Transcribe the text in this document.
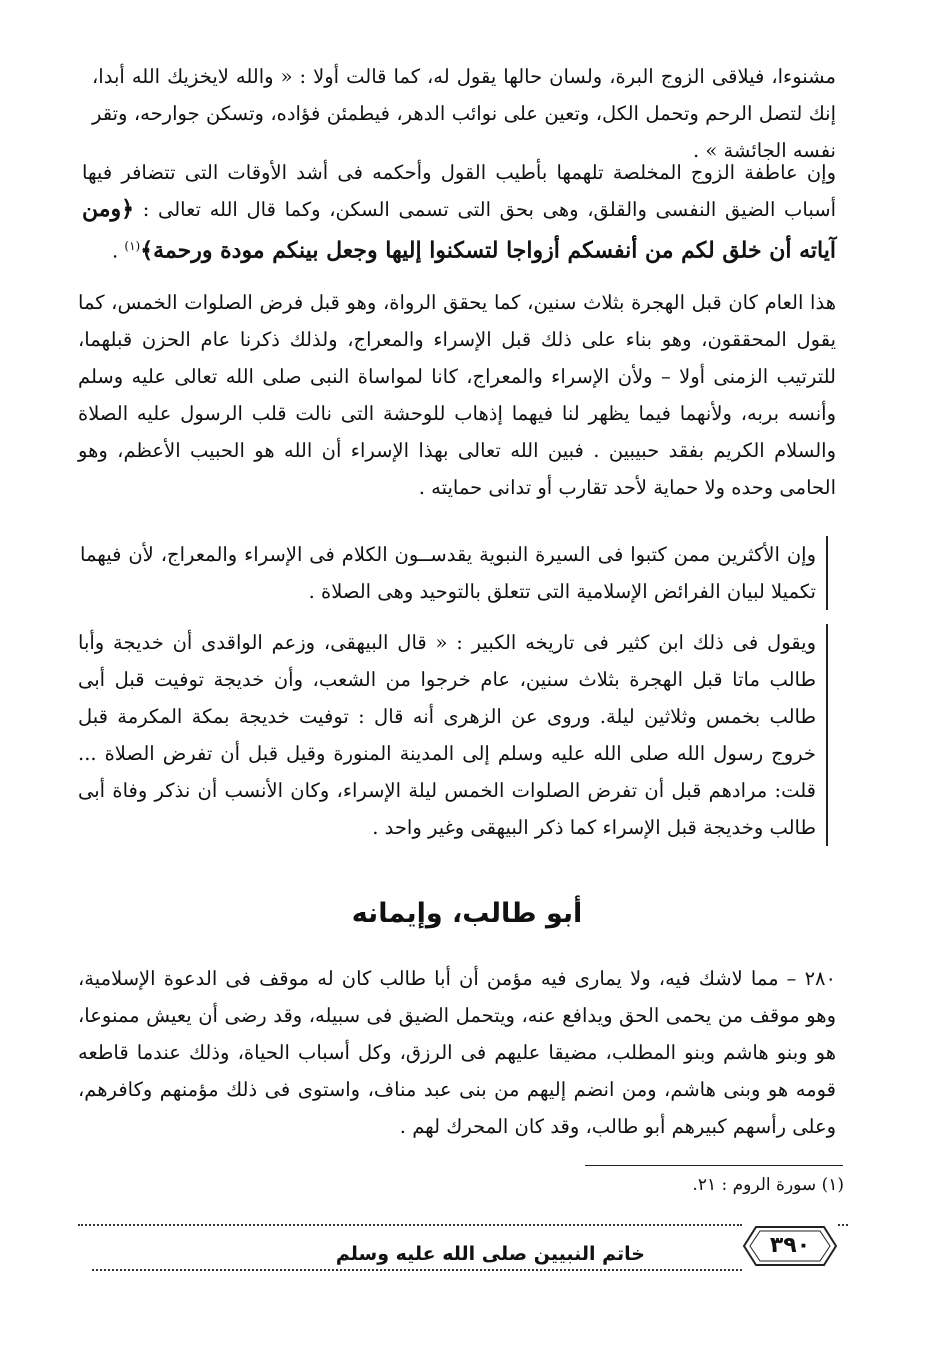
مشنوءا، فيلاقى الزوج البرة، ولسان حالها يقول له، كما قالت أولا : « والله لايخزيك الله أبدا، إنك لتصل الرحم وتحمل الكل، وتعين على نوائب الدهر، فيطمئن فؤاده، وتسكن جوارحه، وتقر نفسه الجائشة » .

وإن عاطفة الزوج المخلصة تلهمها بأطيب القول وأحكمه فى أشد الأوقات التى تتضافر فيها أسباب الضيق النفسى والقلق، وهى بحق التى تسمى السكن، وكما قال الله تعالى : ﴿ومن آياته أن خلق لكم من أنفسكم أزواجا لتسكنوا إليها وجعل بينكم مودة ورحمة﴾$^{(١)}$ .

هذا العام كان قبل الهجرة بثلاث سنين، كما يحقق الرواة، وهو قبل فرض الصلوات الخمس، كما يقول المحققون، وهو بناء على ذلك قبل الإسراء والمعراج، ولذلك ذكرنا عام الحزن قبلهما، للترتيب الزمنى أولا – ولأن الإسراء والمعراج، كانا لمواساة النبى صلى الله تعالى عليه وسلم وأنسه بربه، ولأنهما فيما يظهر لنا فيهما إذهاب للوحشة التى نالت قلب الرسول عليه الصلاة والسلام الكريم بفقد حبيبين . فبين الله تعالى بهذا الإسراء أن الله هو الحبيب الأعظم، وهو الحامى وحده ولا حماية لأحد تقارب أو تدانى حمايته .

وإن الأكثرين ممن كتبوا فى السيرة النبوية يقدســون الكلام فى الإسراء والمعراج، لأن فيهما تكميلا لبيان الفرائض الإسلامية التى تتعلق بالتوحيد وهى الصلاة .

ويقول فى ذلك ابن كثير فى تاريخه الكبير : « قال البيهقى، وزعم الواقدى أن خديجة وأبا طالب ماتا قبل الهجرة بثلاث سنين، عام خرجوا من الشعب، وأن خديجة توفيت قبل أبى طالب بخمس وثلاثين ليلة. وروى عن الزهرى أنه قال : توفيت خديجة بمكة المكرمة قبل خروج رسول الله صلى الله عليه وسلم إلى المدينة المنورة وقيل قبل أن تفرض الصلاة ... قلت: مرادهم قبل أن تفرض الصلوات الخمس ليلة الإسراء، وكان الأنسب أن نذكر وفاة أبى طالب وخديجة قبل الإسراء كما ذكر البيهقى وغير واحد .

أبو طالب، وإيمانه

٢٨٠ – مما لاشك فيه، ولا يمارى فيه مؤمن أن أبا طالب كان له موقف فى الدعوة الإسلامية، وهو موقف من يحمى الحق ويدافع عنه، ويتحمل الضيق فى سبيله، وقد رضى أن يعيش ممنوعا، هو وبنو هاشم وبنو المطلب، مضيقا عليهم فى الرزق، وكل أسباب الحياة، وذلك عندما قاطعه قومه هو وبنى هاشم، ومن انضم إليهم من بنى عبد مناف، واستوى فى ذلك مؤمنهم وكافرهم، وعلى رأسهم كبيرهم أبو طالب، وقد كان المحرك لهم .

(١) سورة الروم : ٢١.

٣٩٠

خاتم النبيين صلى الله عليه وسلم
